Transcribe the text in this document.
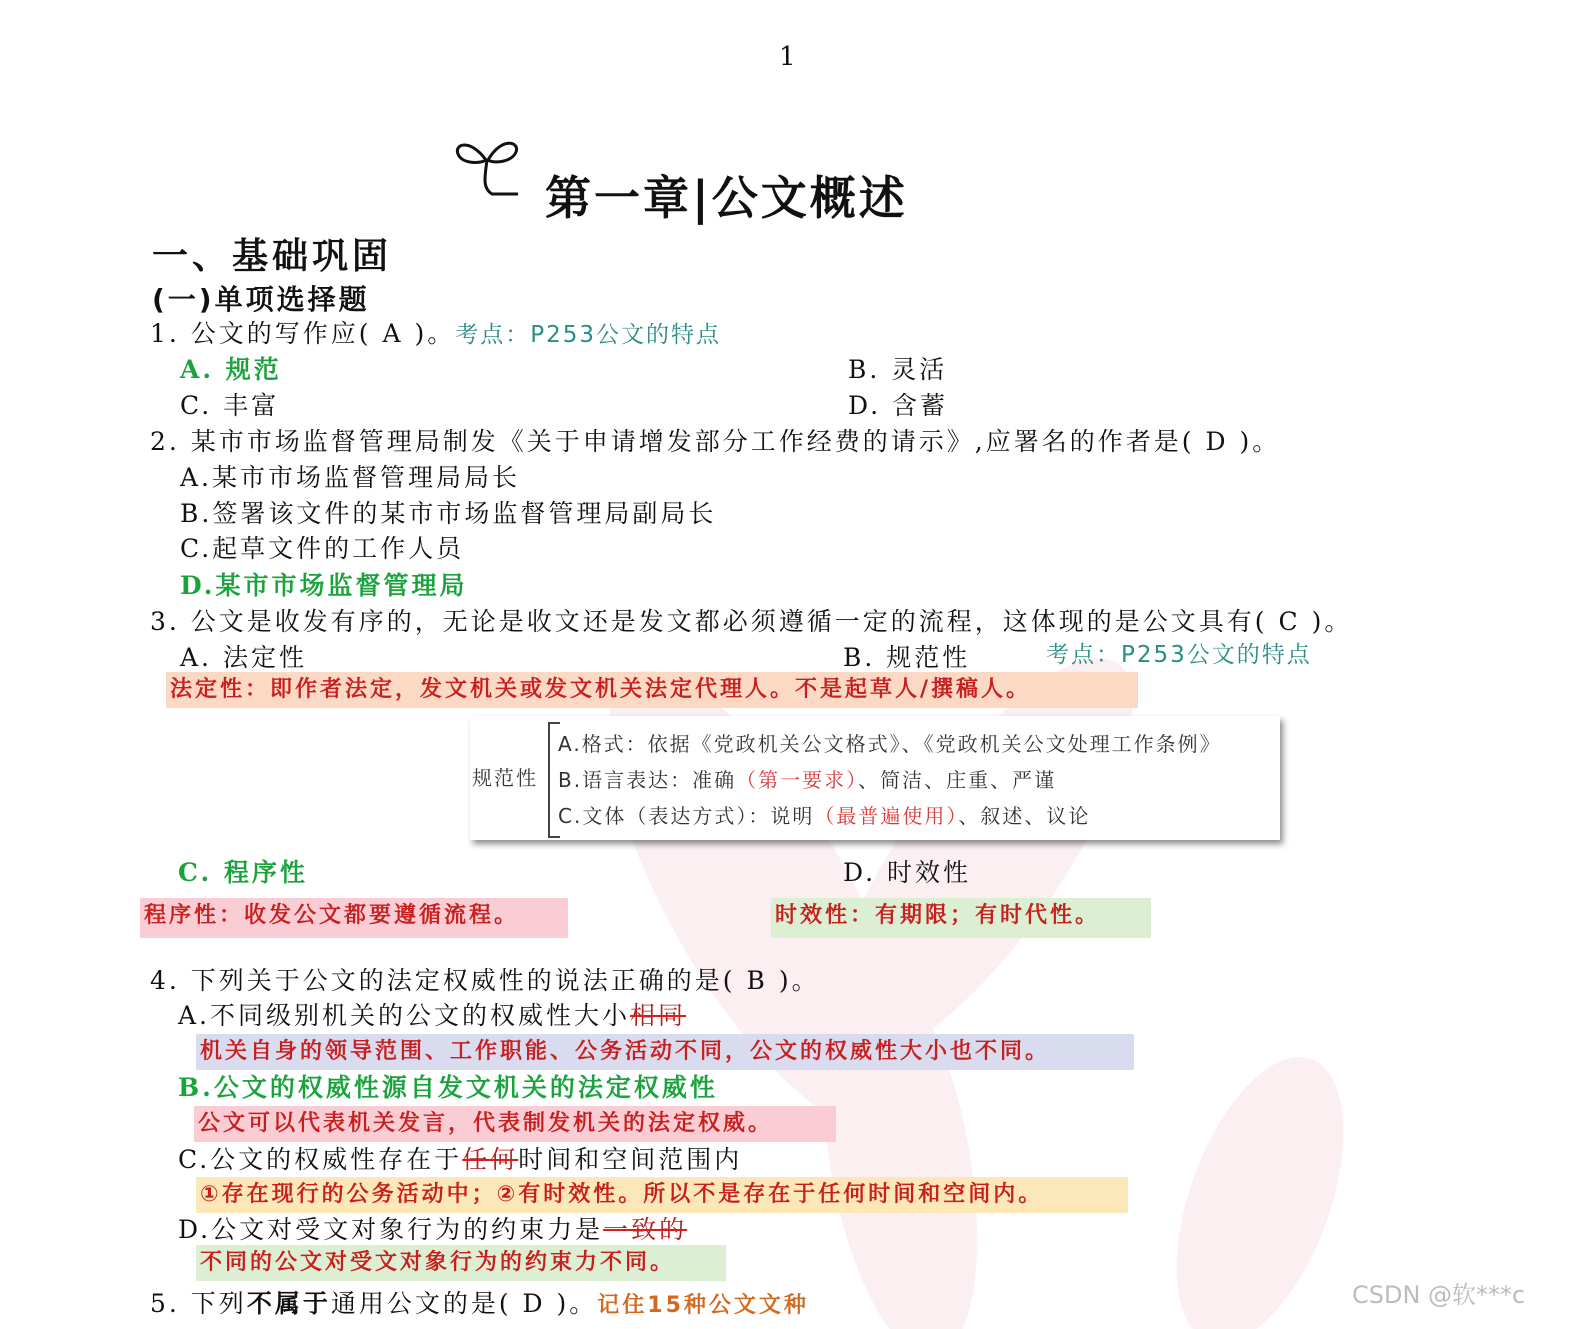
1
第一章|公文概述
一、基础巩固
(一)单项选择题
1. 公文的写作应( A )。考点：P253公文的特点
A. 规范	B. 灵活
C. 丰富	D. 含蓄
2. 某市市场监督管理局制发《关于申请增发部分工作经费的请示》,应署名的作者是( D )。
A.某市市场监督管理局局长
B.签署该文件的某市市场监督管理局副局长
C.起草文件的工作人员
D.某市市场监督管理局
3. 公文是收发有序的，无论是收文还是发文都必须遵循一定的流程，这体现的是公文具有( C )。
A. 法定性	B. 规范性	考点：P253公文的特点
法定性：即作者法定，发文机关或发文机关法定代理人。不是起草人/撰稿人。
规范性
A.格式：依据《党政机关公文格式》、《党政机关公文处理工作条例》
B.语言表达：准确（第一要求）、简洁、庄重、严谨
C.文体（表达方式）：说明（最普遍使用）、叙述、议论
C. 程序性	D. 时效性
程序性：收发公文都要遵循流程。	时效性：有期限；有时代性。
4. 下列关于公文的法定权威性的说法正确的是( B )。
A.不同级别机关的公文的权威性大小相同
机关自身的领导范围、工作职能、公务活动不同，公文的权威性大小也不同。
B.公文的权威性源自发文机关的法定权威性
公文可以代表机关发言，代表制发机关的法定权威。
C.公文的权威性存在于任何时间和空间范围内
①存在现行的公务活动中；②有时效性。所以不是存在于任何时间和空间内。
D.公文对受文对象行为的约束力是一致的
不同的公文对受文对象行为的约束力不同。
5. 下列不属于通用公文的是( D )。记住15种公文文种	CSDN @软***c
